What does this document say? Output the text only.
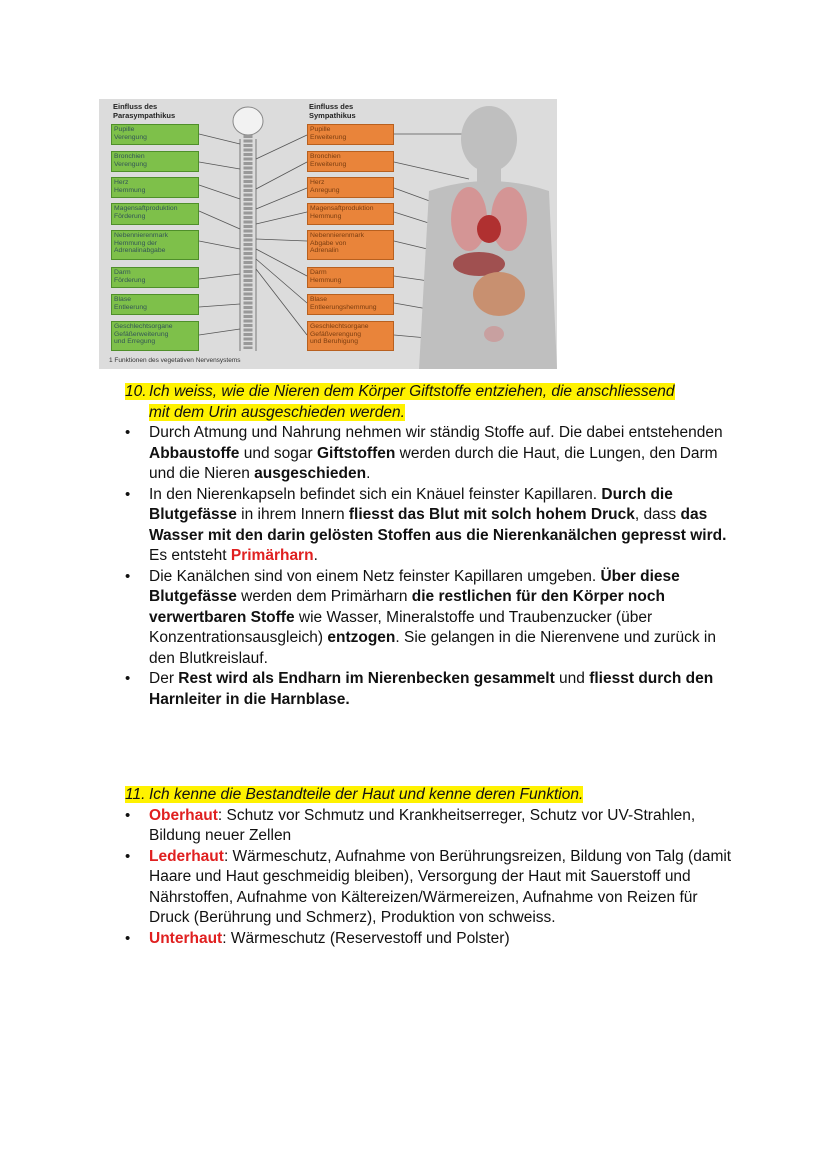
Einfluss des
Parasympathikus
Einfluss des
Sympathikus
Pupille
Verengung
Bronchien
Verengung
Herz
Hemmung
Magensaftproduktion
Förderung
Nebennierenmark
Hemmung der
Adrenalinabgabe
Darm
Förderung
Blase
Entleerung
Geschlechtsorgane
Gefäßerweiterung
und Erregung
Pupille
Erweiterung
Bronchien
Erweiterung
Herz
Anregung
Magensaftproduktion
Hemmung
Nebennierenmark
Abgabe von
Adrenalin
Darm
Hemmung
Blase
Entleerungshemmung
Geschlechtsorgane
Gefäßverengung
und Beruhigung
1 Funktionen des vegetativen Nervensystems
10. Ich weiss, wie die Nieren dem Körper Giftstoffe entziehen, die anschliessend
mit dem Urin ausgeschieden werden.
• Durch Atmung und Nahrung nehmen wir ständig Stoffe auf. Die dabei entstehenden Abbaustoffe und sogar Giftstoffen werden durch die Haut, die Lungen, den Darm und die Nieren ausgeschieden.
• In den Nierenkapseln befindet sich ein Knäuel feinster Kapillaren. Durch die Blutgefässe in ihrem Innern fliesst das Blut mit solch hohem Druck, dass das Wasser mit den darin gelösten Stoffen aus die Nierenkanälchen gepresst wird. Es entsteht Primärharn.
• Die Kanälchen sind von einem Netz feinster Kapillaren umgeben. Über diese Blutgefässe werden dem Primärharn die restlichen für den Körper noch verwertbaren Stoffe wie Wasser, Mineralstoffe und Traubenzucker (über Konzentrationsausgleich) entzogen. Sie gelangen in die Nierenvene und zurück in den Blutkreislauf.
• Der Rest wird als Endharn im Nierenbecken gesammelt und fliesst durch den Harnleiter in die Harnblase.
11. Ich kenne die Bestandteile der Haut und kenne deren Funktion.
• Oberhaut: Schutz vor Schmutz und Krankheitserreger, Schutz vor UV-Strahlen, Bildung neuer Zellen
• Lederhaut: Wärmeschutz, Aufnahme von Berührungsreizen, Bildung von Talg (damit Haare und Haut geschmeidig bleiben), Versorgung der Haut mit Sauerstoff und Nährstoffen, Aufnahme von Kältereizen/Wärmereizen, Aufnahme von Reizen für Druck (Berührung und Schmerz), Produktion von schweiss.
• Unterhaut: Wärmeschutz (Reservestoff und Polster)
